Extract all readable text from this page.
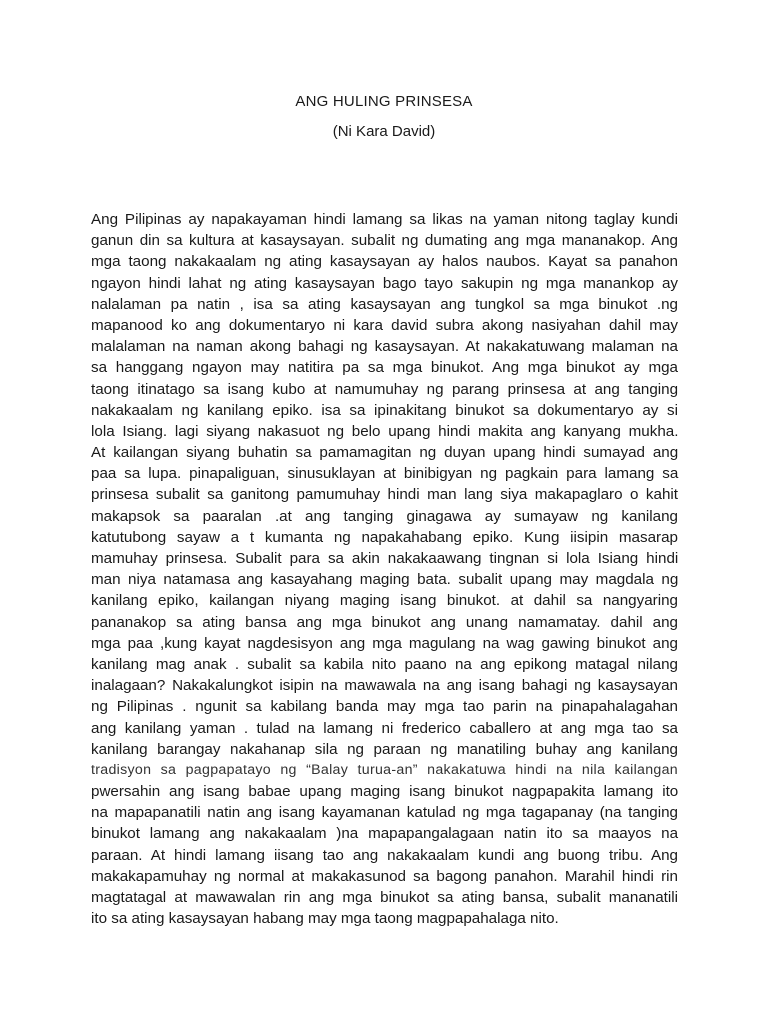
ANG HULING PRINSESA
(Ni Kara David)
Ang Pilipinas ay napakayaman hindi lamang sa likas na yaman nitong taglay kundi
ganun din sa kultura at kasaysayan. subalit ng dumating ang mga mananakop. Ang
mga taong nakakaalam ng ating kasaysayan ay halos naubos. Kayat sa panahon
ngayon hindi lahat ng ating kasaysayan bago tayo sakupin ng mga manankop ay
nalalaman pa natin , isa sa ating kasaysayan ang tungkol sa mga binukot .ng
mapanood ko ang dokumentaryo ni kara david subra akong nasiyahan dahil may
malalaman na naman akong bahagi ng kasaysayan. At nakakatuwang malaman na
sa hanggang ngayon may natitira pa sa mga binukot. Ang mga binukot ay mga
taong itinatago sa isang kubo at namumuhay ng parang prinsesa at ang tanging
nakakaalam ng kanilang epiko. isa sa ipinakitang binukot sa dokumentaryo ay si
lola Isiang. lagi siyang nakasuot ng belo upang hindi makita ang kanyang mukha.
At kailangan siyang buhatin sa pamamagitan ng duyan upang hindi sumayad ang
paa sa lupa. pinapaliguan, sinusuklayan at binibigyan ng pagkain para lamang sa
prinsesa subalit sa ganitong pamumuhay hindi man lang siya makapaglaro o kahit
makapsok sa paaralan .at ang tanging ginagawa ay sumayaw ng kanilang
katutubong sayaw a t kumanta ng napakahabang epiko. Kung iisipin masarap
mamuhay prinsesa. Subalit para sa akin nakakaawang tingnan si lola Isiang hindi
man niya natamasa ang kasayahang maging bata. subalit upang may magdala ng
kanilang epiko, kailangan niyang maging isang binukot. at dahil sa nangyaring
pananakop sa ating bansa ang mga binukot ang unang namamatay. dahil ang
mga paa ,kung kayat nagdesisyon ang mga magulang na wag gawing binukot ang
kanilang mag anak . subalit sa kabila nito paano na ang epikong matagal nilang
inalagaan? Nakakalungkot isipin na mawawala na ang isang bahagi ng kasaysayan
ng Pilipinas . ngunit sa kabilang banda may mga tao parin na pinapahalagahan
ang kanilang yaman . tulad na lamang ni frederico caballero at ang mga tao sa
kanilang barangay nakahanap sila ng paraan ng manatiling buhay ang kanilang
tradisyon sa pagpapatayo ng “Balay turua-an” nakakatuwa hindi na nila kailangan
pwersahin ang isang babae upang maging isang binukot nagpapakita lamang ito
na mapapanatili natin ang isang kayamanan katulad ng mga tagapanay (na tanging
binukot lamang ang nakakaalam )na mapapangalagaan natin ito sa maayos na
paraan. At hindi lamang iisang tao ang nakakaalam kundi ang buong tribu. Ang
makakapamuhay ng normal at makakasunod sa bagong panahon. Marahil hindi rin
magtatagal at mawawalan rin ang mga binukot sa ating bansa, subalit mananatili
ito sa ating kasaysayan habang may mga taong magpapahalaga nito.
